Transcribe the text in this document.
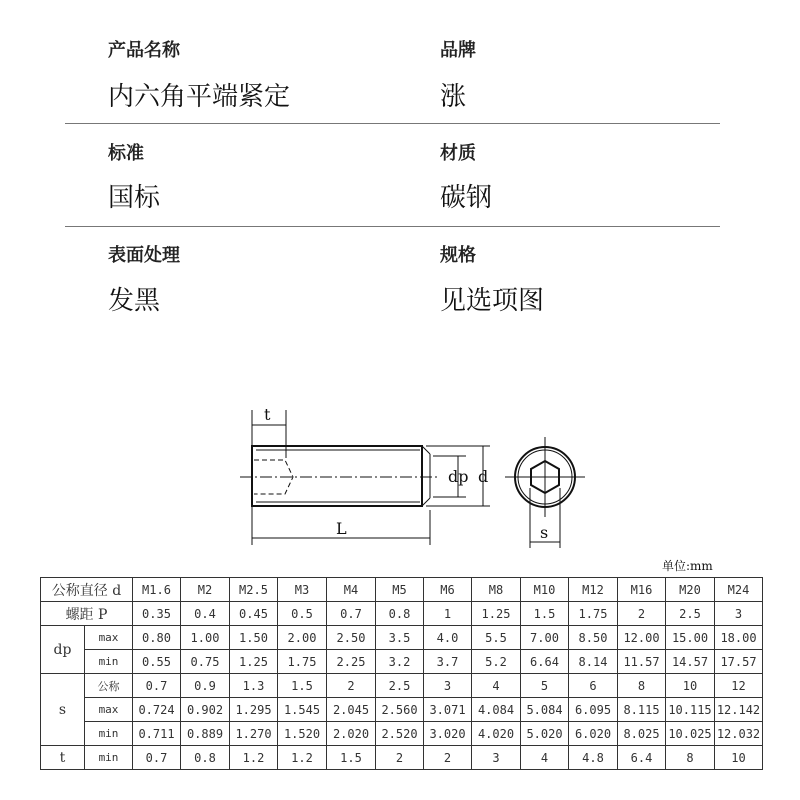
产品名称
内六角平端紧定
品牌
涨
标准
国标
材质
碳钢
表面处理
发黑
规格
见选项图
t
L
dp d
s
单位:mm
公称直径 d		M1.6	M2	M2.5	M3	M4	M5	M6	M8	M10	M12	M16	M20	M24
螺距 P		0.35	0.4	0.45	0.5	0.7	0.8	1	1.25	1.5	1.75	2	2.5	3
dp	max	0.80	1.00	1.50	2.00	2.50	3.5	4.0	5.5	7.00	8.50	12.00	15.00	18.00
	min	0.55	0.75	1.25	1.75	2.25	3.2	3.7	5.2	6.64	8.14	11.57	14.57	17.57
s	公称	0.7	0.9	1.3	1.5	2	2.5	3	4	5	6	8	10	12
	max	0.724	0.902	1.295	1.545	2.045	2.560	3.071	4.084	5.084	6.095	8.115	10.115	12.142
	min	0.711	0.889	1.270	1.520	2.020	2.520	3.020	4.020	5.020	6.020	8.025	10.025	12.032
t	min	0.7	0.8	1.2	1.2	1.5	2	2	3	4	4.8	6.4	8	10
